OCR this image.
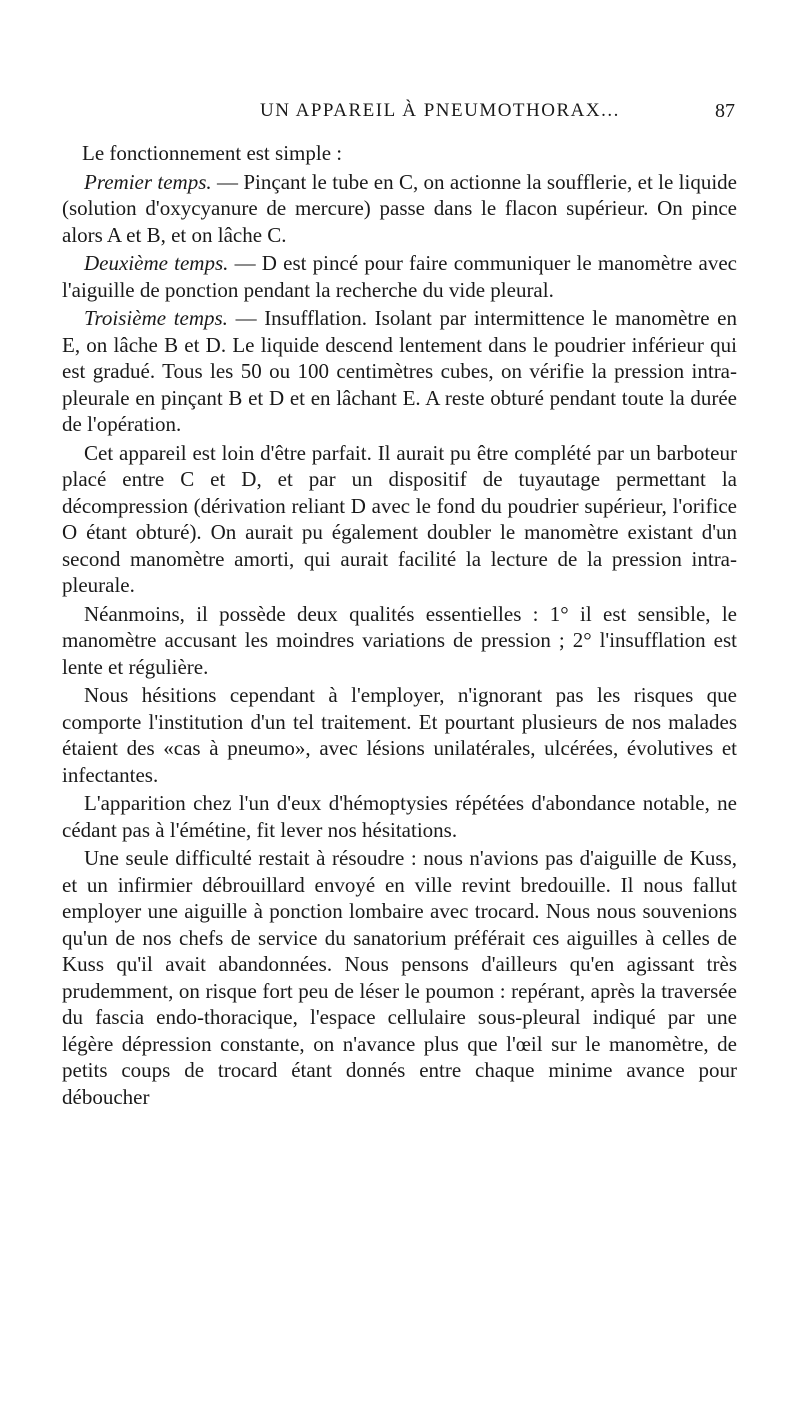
UN APPAREIL À PNEUMOTHORAX...	87

Le fonctionnement est simple :

Premier temps. — Pinçant le tube en C, on actionne la soufflerie, et le liquide (solution d'oxycyanure de mercure) passe dans le flacon supérieur. On pince alors A et B, et on lâche C.

Deuxième temps. — D est pincé pour faire communiquer le manomètre avec l'aiguille de ponction pendant la recherche du vide pleural.

Troisième temps. — Insufflation. Isolant par intermittence le manomètre en E, on lâche B et D. Le liquide descend lentement dans le poudrier inférieur qui est gradué. Tous les 50 ou 100 centimètres cubes, on vérifie la pression intra-pleurale en pinçant B et D et en lâchant E. A reste obturé pendant toute la durée de l'opération.

Cet appareil est loin d'être parfait. Il aurait pu être complété par un barboteur placé entre C et D, et par un dispositif de tuyautage permettant la décompression (dérivation reliant D avec le fond du poudrier supérieur, l'orifice O étant obturé). On aurait pu également doubler le manomètre existant d'un second manomètre amorti, qui aurait facilité la lecture de la pression intra-pleurale.

Néanmoins, il possède deux qualités essentielles : 1° il est sensible, le manomètre accusant les moindres variations de pression ; 2° l'insufflation est lente et régulière.

Nous hésitions cependant à l'employer, n'ignorant pas les risques que comporte l'institution d'un tel traitement. Et pourtant plusieurs de nos malades étaient des «cas à pneumo», avec lésions unilatérales, ulcérées, évolutives et infectantes.

L'apparition chez l'un d'eux d'hémoptysies répétées d'abondance notable, ne cédant pas à l'émétine, fit lever nos hésitations.

Une seule difficulté restait à résoudre : nous n'avions pas d'aiguille de Kuss, et un infirmier débrouillard envoyé en ville revint bredouille. Il nous fallut employer une aiguille à ponction lombaire avec trocard. Nous nous souvenions qu'un de nos chefs de service du sanatorium préférait ces aiguilles à celles de Kuss qu'il avait abandonnées. Nous pensons d'ailleurs qu'en agissant très prudemment, on risque fort peu de léser le poumon : repérant, après la traversée du fascia endo-thoracique, l'espace cellulaire sous-pleural indiqué par une légère dépression constante, on n'avance plus que l'œil sur le manomètre, de petits coups de trocard étant donnés entre chaque minime avance pour déboucher
